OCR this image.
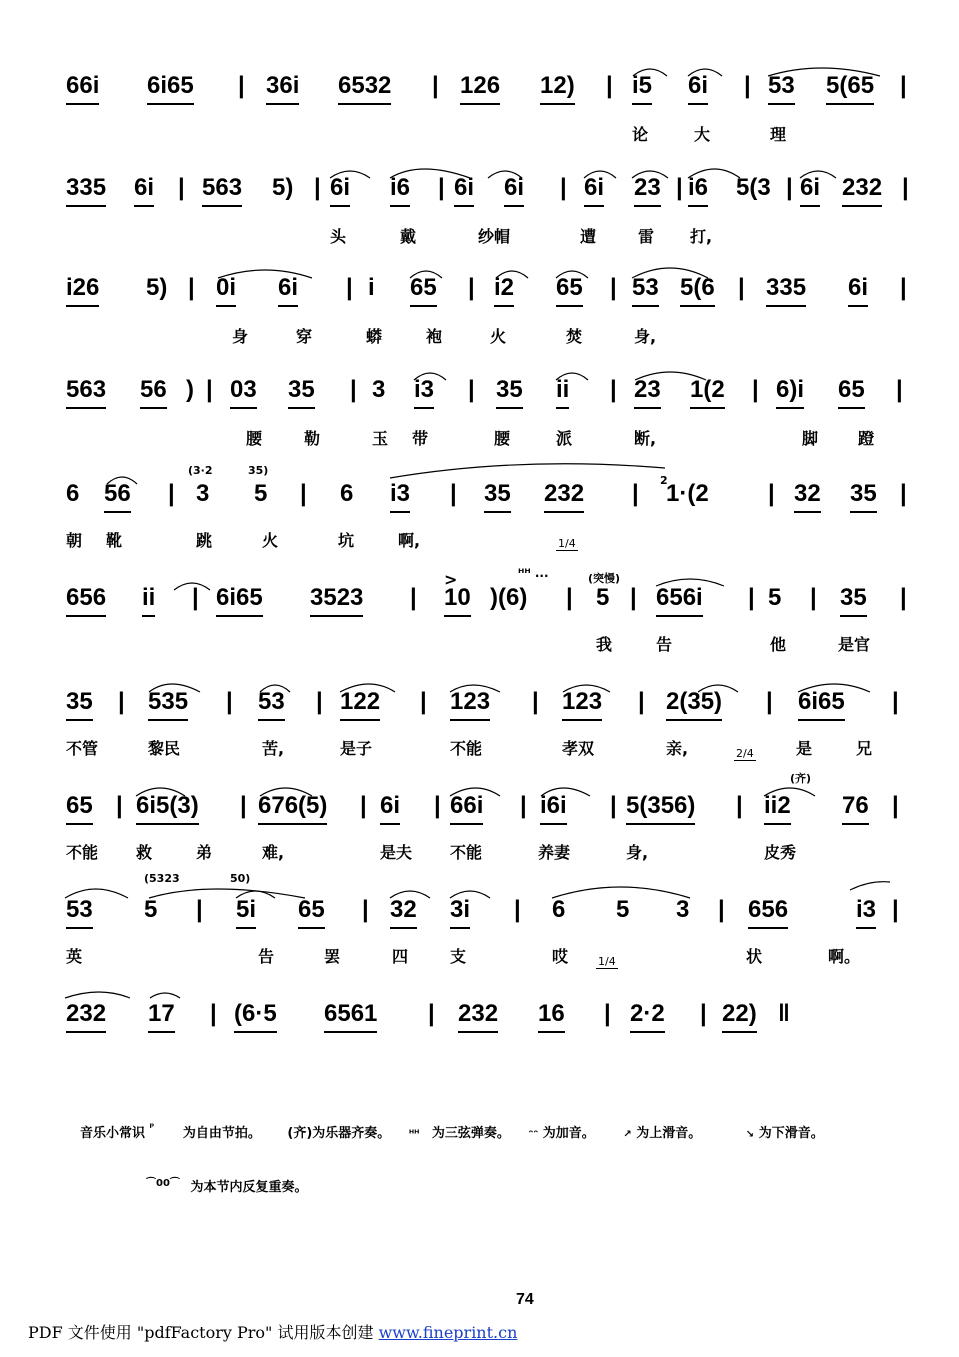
66i 6i65 | 36i 6532 | 126 12) | i5 6i | 53 5(65 |
论	大	理
335 6i | 563 5) | 6i i6 | 6i 6i | 6i 23 | i6 5(3 | 6i 232 |
头	戴	纱帽	遭	雷 打,
i26 5) | 0i 6i | i 65 | i2 65 | 53 5(6 | 335 6i |
身	穿	蟒	袍	火	焚	身,
563 56 ) | 03 35 | 3 i3 | 35 ii | 23 1(2 | 6)i 65 |
腰	勒	玉 带	腰	派	断,	脚 蹬
(3·2	35)
6 56 | 3 5 | 6 i3 | 35 232 | 2
1·(2 | 32 35 |
朝 靴	跳	火	坑	啊,	1/4
(突慢)
>	ᴴᴴ ...
656 ii | 6i65 3523 | 10 )(6) | 5 | 656i | 5 | 35 |
我	告	他	是官
35 | 535 | 53 | 122 | 123 | 123 | 2(35) | 6i65 |
不管	黎民	苦,	是子	不能	孝双	亲,	是	兄
2/4
(齐)
65 | 6i5(3) | 676(5) | 6i | 66i | i6i | 5(356) | ii2 76 |
不能 救	弟	难,	是夫 不能	养妻	身,	皮秀
(5323	50)
53 5 | 5i 65 | 32 3i | 6 5 3 | 656	i3 |
英	告	罢	四	支	哎	状	啊。
1/4
232 17 | (6·5 6561 | 232 16 | 2·2 | 22) ‖
音乐小常识 $^ᵖ$ 为自由节拍。 (齐)为乐器齐奏。 ᴴᴴ 为三弦弹奏。 ᵔᵔ 为加音。	↗ 为上滑音。	↘ 为下滑音。
$^{⌒00⌒}$ 为本节内反复重奏。
74
PDF 文件使用 "pdfFactory Pro" 试用版本创建 www.fineprint.cn
